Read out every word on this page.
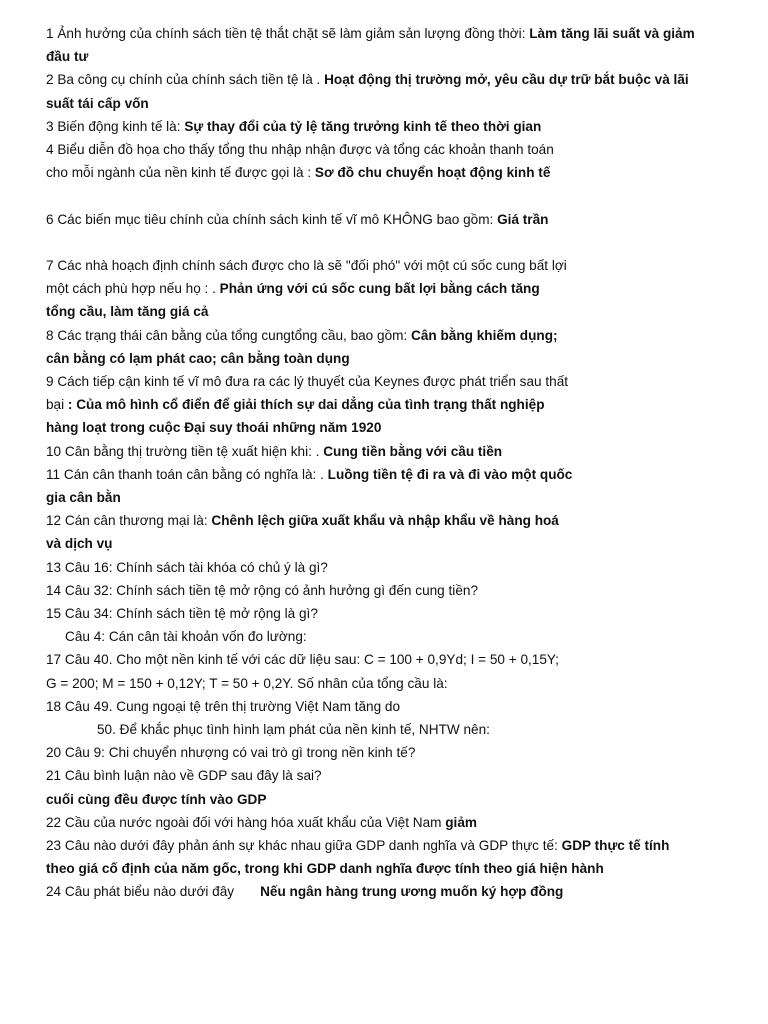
1 Ảnh hưởng của chính sách tiền tệ thắt chặt sẽ làm giảm sản lượng đồng thời: Làm tăng lãi suất và giảm
đầu tư
2 Ba công cụ chính của chính sách tiền tệ là . Hoạt động thị trường mở, yêu cầu dự trữ bắt buộc và lãi
suất tái cấp vốn
3 Biến động kinh tế là: Sự thay đổi của tỷ lệ tăng trưởng kinh tế theo thời gian
4 Biểu diễn đồ họa cho thấy tổng thu nhập nhận được và tổng các khoản thanh toán
cho mỗi ngành của nền kinh tế được gọi là : Sơ đồ chu chuyển hoạt động kinh tế
6 Các biến mục tiêu chính của chính sách kinh tế vĩ mô KHÔNG bao gồm: Giá trần
7 Các nhà hoạch định chính sách được cho là sẽ "đối phó" với một cú sốc cung bất lợi
một cách phù hợp nếu họ : . Phản ứng với cú sốc cung bất lợi bằng cách tăng
tổng cầu, làm tăng giá cả
8 Các trạng thái cân bằng của tổng cungtổng cầu, bao gồm: Cân bằng khiếm dụng;
cân bằng có lạm phát cao; cân bằng toàn dụng
9 Cách tiếp cận kinh tế vĩ mô đưa ra các lý thuyết của Keynes được phát triển sau thất
bại : Của mô hình cổ điển để giải thích sự dai dẳng của tình trạng thất nghiệp
hàng loạt trong cuộc Đại suy thoái những năm 1920
10 Cân bằng thị trường tiền tệ xuất hiện khi: . Cung tiền bằng với cầu tiền
11 Cán cân thanh toán cân bằng có nghĩa là: . Luồng tiền tệ đi ra và đi vào một quốc
gia cân bằn
12 Cán cân thương mại là: Chênh lệch giữa xuất khẩu và nhập khẩu về hàng hoá
và dịch vụ
13 Câu 16: Chính sách tài khóa có chủ ý là gì?
14 Câu 32: Chính sách tiền tệ mở rộng có ảnh hưởng gì đến cung tiền?
15 Câu 34: Chính sách tiền tệ mở rộng là gì?
Câu 4: Cán cân tài khoản vốn đo lường:
17 Câu 40. Cho một nền kinh tế với các dữ liệu sau: C = 100 + 0,9Yd; I = 50 + 0,15Y;
G = 200; M = 150 + 0,12Y; T = 50 + 0,2Y. Số nhân của tổng cầu là:
18 Câu 49. Cung ngoại tệ trên thị trường Việt Nam tăng do
50. Để khắc phục tình hình lạm phát của nền kinh tế, NHTW nên:
20 Câu 9: Chi chuyển nhượng có vai trò gì trong nền kinh tế?
21 Câu bình luận nào về GDP sau đây là sai?
cuối cùng đều được tính vào GDP
22 Cầu của nước ngoài đối với hàng hóa xuất khẩu của Việt Nam giảm
23 Câu nào dưới đây phản ánh sự khác nhau giữa GDP danh nghĩa và GDP thực tế: GDP thực tế tính
theo giá cố định của năm gốc, trong khi GDP danh nghĩa được tính theo giá hiện hành
24 Câu phát biểu nào dưới đây Nếu ngân hàng trung ương muốn ký hợp đồng
